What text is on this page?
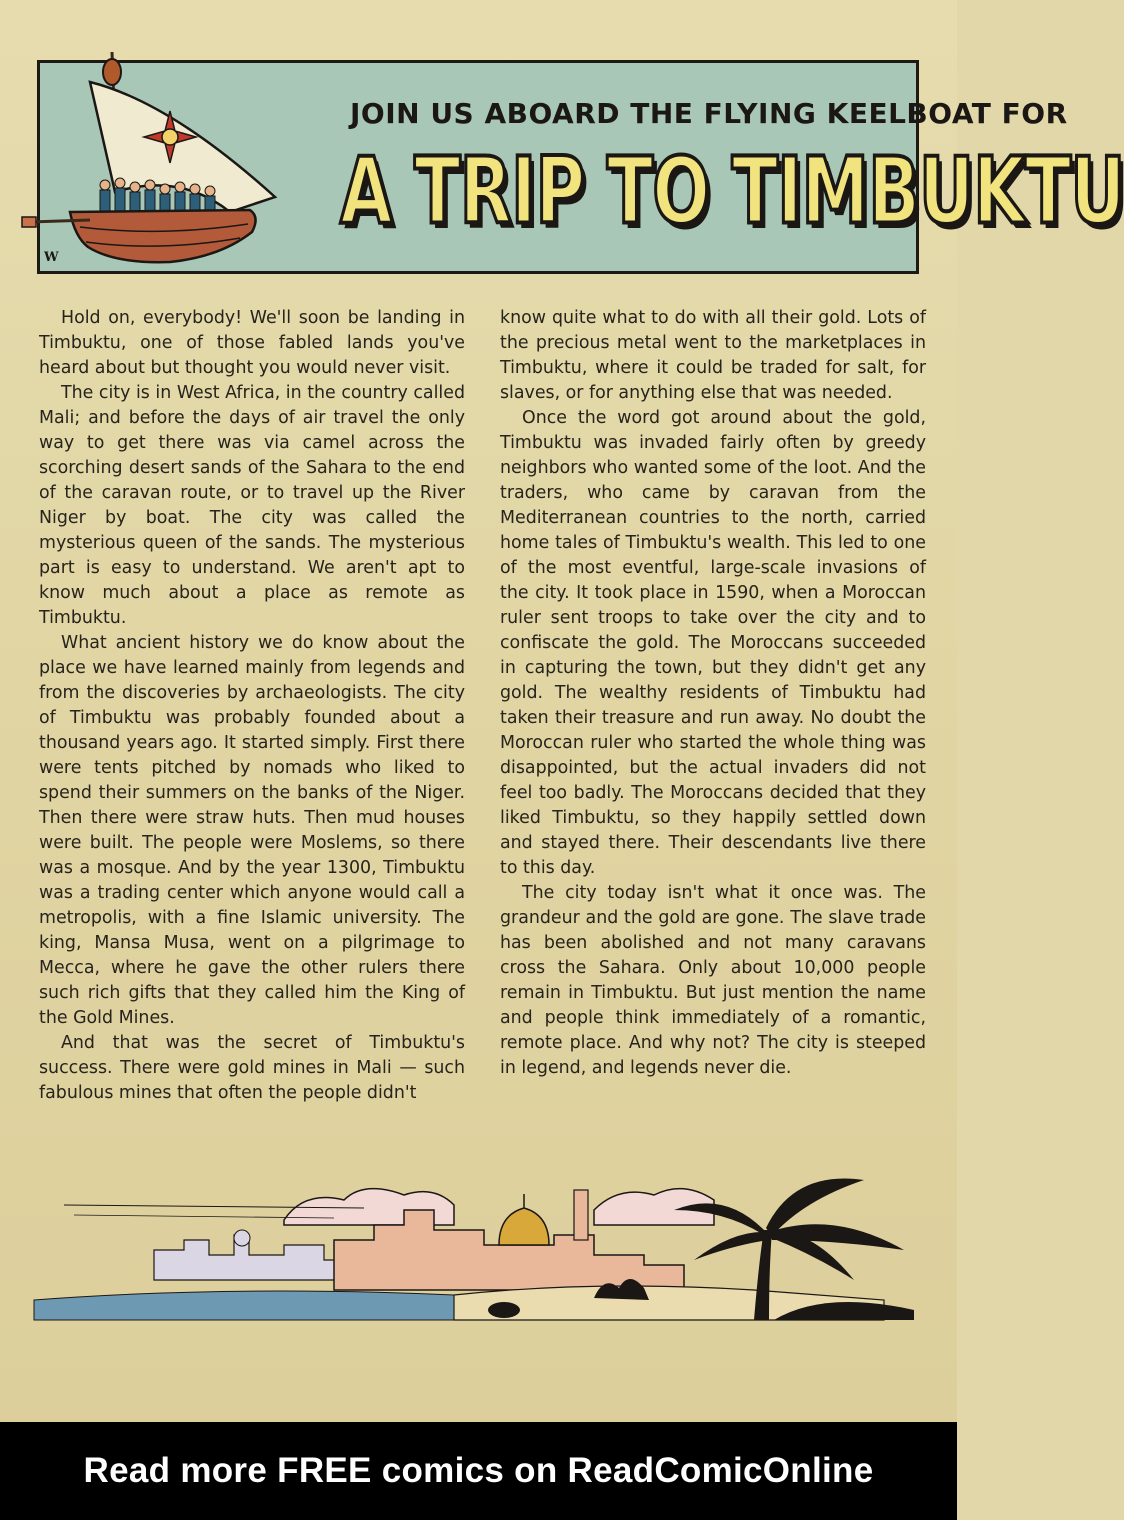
JOIN US ABOARD THE FLYING KEELBOAT FOR
A TRIP TO TIMBUKTU
W

Hold on, everybody! We'll soon be landing in Timbuktu, one of those fabled lands you've heard about but thought you would never visit.

The city is in West Africa, in the country called Mali; and before the days of air travel the only way to get there was via camel across the scorching desert sands of the Sahara to the end of the caravan route, or to travel up the River Niger by boat. The city was called the mysterious queen of the sands. The mysterious part is easy to understand. We aren't apt to know much about a place as remote as Timbuktu.

What ancient history we do know about the place we have learned mainly from legends and from the discoveries by archaeologists. The city of Timbuktu was probably founded about a thousand years ago. It started simply. First there were tents pitched by nomads who liked to spend their summers on the banks of the Niger. Then there were straw huts. Then mud houses were built. The people were Moslems, so there was a mosque. And by the year 1300, Timbuktu was a trading center which anyone would call a metropolis, with a fine Islamic university. The king, Mansa Musa, went on a pilgrimage to Mecca, where he gave the other rulers there such rich gifts that they called him the King of the Gold Mines.

And that was the secret of Timbuktu's success. There were gold mines in Mali — such fabulous mines that often the people didn't

know quite what to do with all their gold. Lots of the precious metal went to the marketplaces in Timbuktu, where it could be traded for salt, for slaves, or for anything else that was needed.

Once the word got around about the gold, Timbuktu was invaded fairly often by greedy neighbors who wanted some of the loot. And the traders, who came by caravan from the Mediterranean countries to the north, carried home tales of Timbuktu's wealth. This led to one of the most eventful, large-scale invasions of the city. It took place in 1590, when a Moroccan ruler sent troops to take over the city and to confiscate the gold. The Moroccans succeeded in capturing the town, but they didn't get any gold. The wealthy residents of Timbuktu had taken their treasure and run away. No doubt the Moroccan ruler who started the whole thing was disappointed, but the actual invaders did not feel too badly. The Moroccans decided that they liked Timbuktu, so they happily settled down and stayed there. Their descendants live there to this day.

The city today isn't what it once was. The grandeur and the gold are gone. The slave trade has been abolished and not many caravans cross the Sahara. Only about 10,000 people remain in Timbuktu. But just mention the name and people think immediately of a romantic, remote place. And why not? The city is steeped in legend, and legends never die.

Read more FREE comics on ReadComicOnline
